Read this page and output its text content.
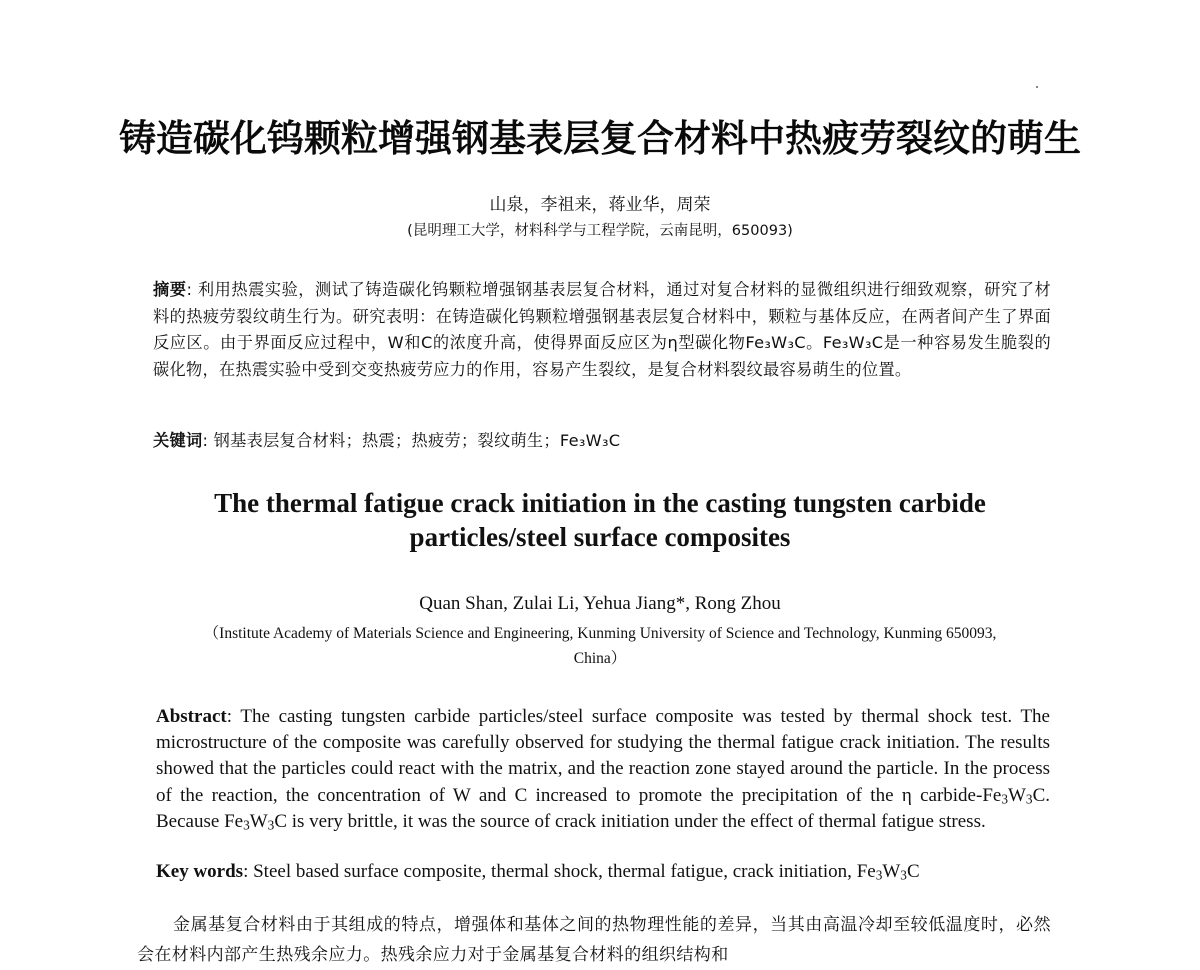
铸造碳化钨颗粒增强钢基表层复合材料中热疲劳裂纹的萌生
山泉，李祖来，蒋业华，周荣
(昆明理工大学，材料科学与工程学院，云南昆明，650093)
摘要: 利用热震实验，测试了铸造碳化钨颗粒增强钢基表层复合材料，通过对复合材料的显微组织进行细致观察，研究了材料的热疲劳裂纹萌生行为。研究表明：在铸造碳化钨颗粒增强钢基表层复合材料中，颗粒与基体反应，在两者间产生了界面反应区。由于界面反应过程中，W和C的浓度升高，使得界面反应区为η型碳化物Fe₃W₃C。Fe₃W₃C是一种容易发生脆裂的碳化物，在热震实验中受到交变热疲劳应力的作用，容易产生裂纹，是复合材料裂纹最容易萌生的位置。
关键词: 钢基表层复合材料；热震；热疲劳；裂纹萌生；Fe₃W₃C
The thermal fatigue crack initiation in the casting tungsten carbide particles/steel surface composites
Quan Shan, Zulai Li, Yehua Jiang*, Rong Zhou
（Institute Academy of Materials Science and Engineering, Kunming University of Science and Technology, Kunming 650093, China）
Abstract: The casting tungsten carbide particles/steel surface composite was tested by thermal shock test. The microstructure of the composite was carefully observed for studying the thermal fatigue crack initiation. The results showed that the particles could react with the matrix, and the reaction zone stayed around the particle. In the process of the reaction, the concentration of W and C increased to promote the precipitation of the η carbide-$Fe_3W_3C$. Because $Fe_3W_3C$ is very brittle, it was the source of crack initiation under the effect of thermal fatigue stress.
Key words: Steel based surface composite, thermal shock, thermal fatigue, crack initiation, $Fe_3W_3C$
金属基复合材料由于其组成的特点，增强体和基体之间的热物理性能的差异，当其由高温冷却至较低温度时，必然会在材料内部产生热残余应力。热残余应力对于金属基复合材料的组织结构和
